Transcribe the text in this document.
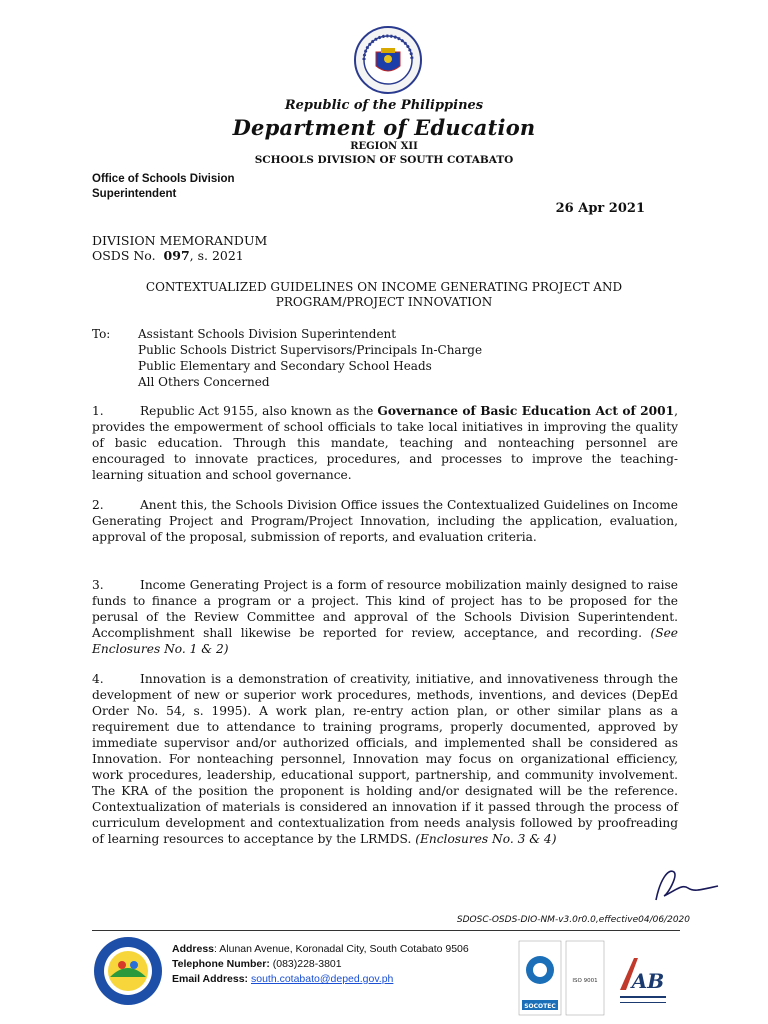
Republic of the Philippines
Department of Education
REGION XII
SCHOOLS DIVISION OF SOUTH COTABATO
Office of Schools Division
Superintendent
26 Apr 2021
DIVISION MEMORANDUM
OSDS No. 097, s. 2021
CONTEXTUALIZED GUIDELINES ON INCOME GENERATING PROJECT AND
PROGRAM/PROJECT INNOVATION
To: Assistant Schools Division Superintendent
Public Schools District Supervisors/Principals In-Charge
Public Elementary and Secondary School Heads
All Others Concerned
1.	Republic Act 9155, also known as the Governance of Basic Education Act of 2001, provides the empowerment of school officials to take local initiatives in improving the quality of basic education. Through this mandate, teaching and nonteaching personnel are encouraged to innovate practices, procedures, and processes to improve the teaching-learning situation and school governance.
2.	Anent this, the Schools Division Office issues the Contextualized Guidelines on Income Generating Project and Program/Project Innovation, including the application, evaluation, approval of the proposal, submission of reports, and evaluation criteria.
3.	Income Generating Project is a form of resource mobilization mainly designed to raise funds to finance a program or a project. This kind of project has to be proposed for the perusal of the Review Committee and approval of the Schools Division Superintendent. Accomplishment shall likewise be reported for review, acceptance, and recording. (See Enclosures No. 1 & 2)
4.	Innovation is a demonstration of creativity, initiative, and innovativeness through the development of new or superior work procedures, methods, inventions, and devices (DepEd Order No. 54, s. 1995). A work plan, re-entry action plan, or other similar plans as a requirement due to attendance to training programs, properly documented, approved by immediate supervisor and/or authorized officials, and implemented shall be considered as Innovation. For nonteaching personnel, Innovation may focus on organizational efficiency, work procedures, leadership, educational support, partnership, and community involvement. The KRA of the position the proponent is holding and/or designated will be the reference. Contextualization of materials is considered an innovation if it passed through the process of curriculum development and contextualization from needs analysis followed by proofreading of learning resources to acceptance by the LRMDS. (Enclosures No. 3 & 4)
SDOSC-OSDS-DIO-NM-v3.0r0.0,effective04/06/2020
Address: Alunan Avenue, Koronadal City, South Cotabato 9506
Telephone Number: (083)228-3801
Email Address: south.cotabato@deped.gov.ph
SOCOTEC
ISO 9001 AB
